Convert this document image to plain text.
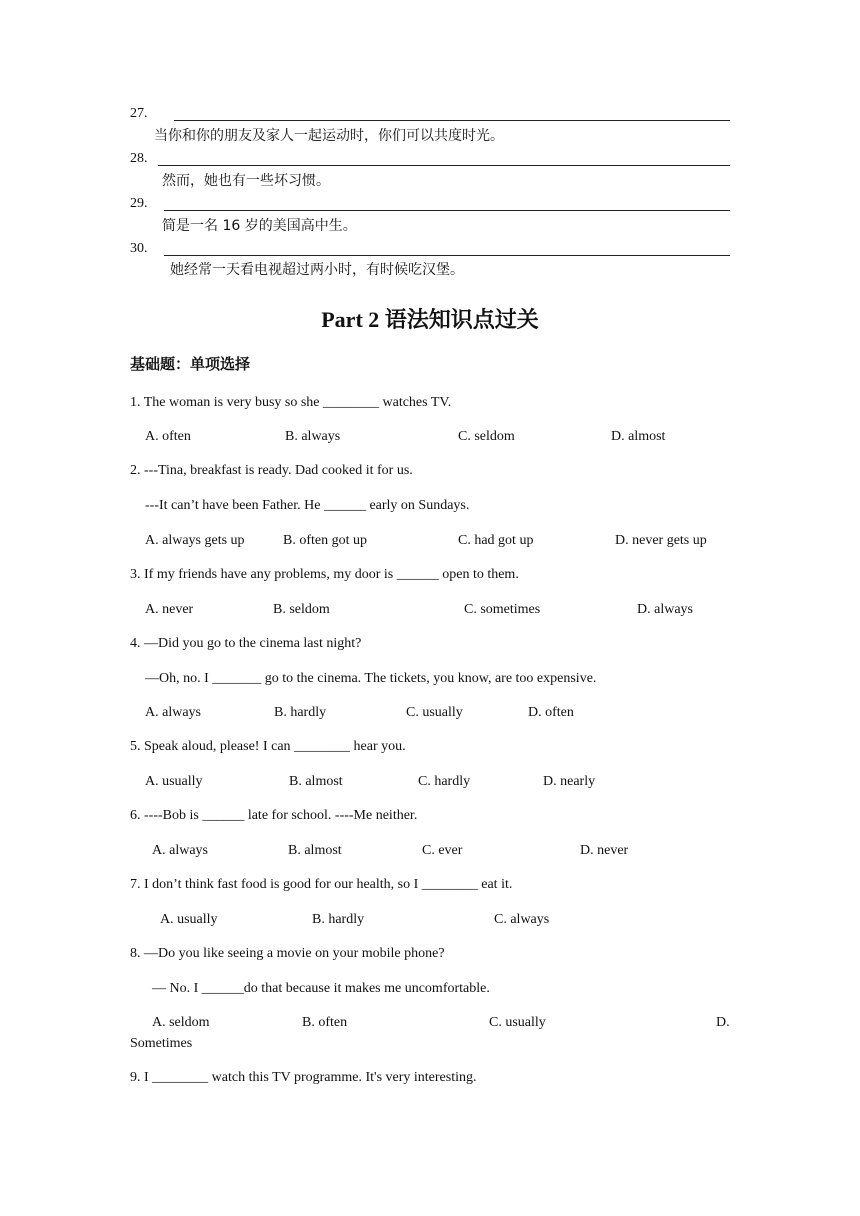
27.
当你和你的朋友及家人一起运动时，你们可以共度时光。
28.
然而，她也有一些坏习惯。
29.
简是一名 16 岁的美国高中生。
30.
她经常一天看电视超过两小时，有时候吃汉堡。
Part 2 语法知识点过关
基础题：单项选择
1. The woman is very busy so she ________ watches TV.
A. often	B. always	C. seldom	D. almost
2. ---Tina, breakfast is ready. Dad cooked it for us.
---It can’t have been Father. He ______ early on Sundays.
A. always gets up	B. often got up	C. had got up	D. never gets up
3. If my friends have any problems, my door is ______ open to them.
A. never	B. seldom	C. sometimes	D. always
4. —Did you go to the cinema last night?
—Oh, no. I _______ go to the cinema. The tickets, you know, are too expensive.
A. always	B. hardly	C. usually	D. often
5. Speak aloud, please! I can ________ hear you.
A. usually	B. almost	C. hardly	D. nearly
6. ----Bob is ______ late for school. ----Me neither.
A. always	B. almost	C. ever	D. never
7. I don’t think fast food is good for our health, so I ________ eat it.
A. usually	B. hardly	C. always
8. —Do you like seeing a movie on your mobile phone?
— No. I ______do that because it makes me uncomfortable.
A. seldom	B. often	C. usually	D.
Sometimes
9. I ________ watch this TV programme. It's very interesting.
